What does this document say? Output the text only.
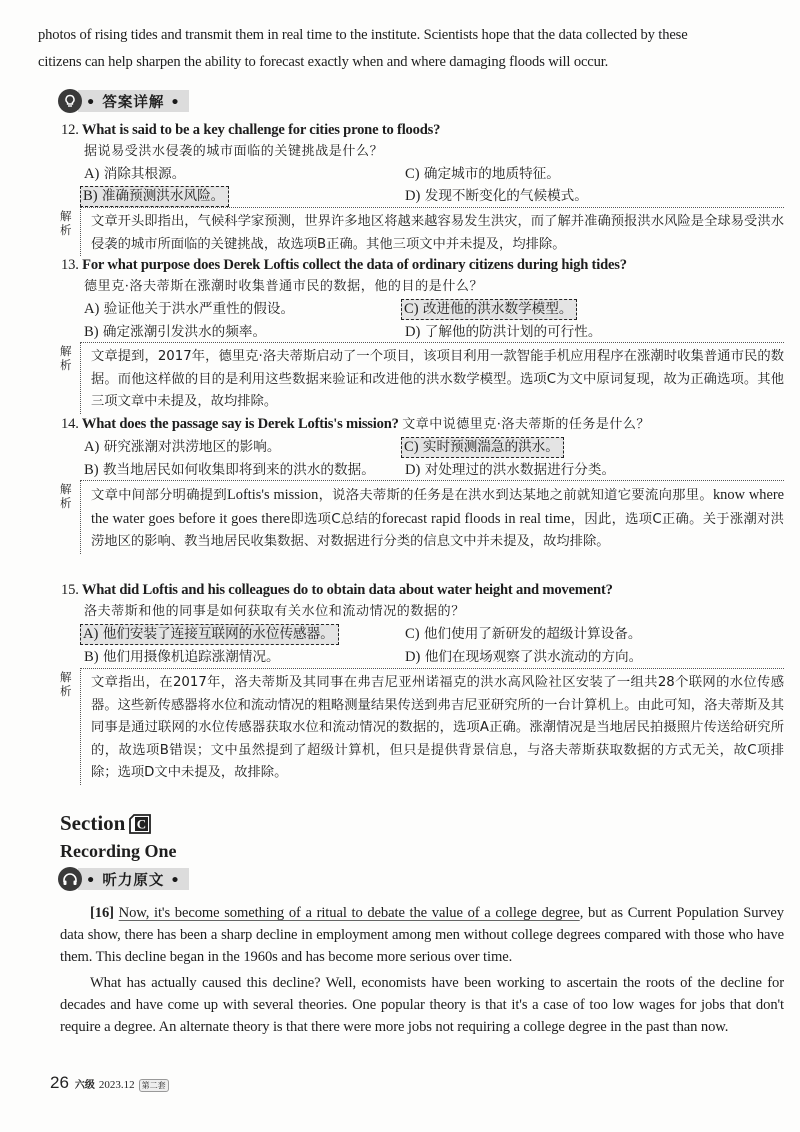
photos of rising tides and transmit them in real time to the institute. Scientists hope that the data collected by these
citizens can help sharpen the ability to forecast exactly when and where damaging floods will occur.
• 答案详解 •
12. What is said to be a key challenge for cities prone to floods?
据说易受洪水侵袭的城市面临的关键挑战是什么？
A) 消除其根源。	C) 确定城市的地质特征。
B) 准确预测洪水风险。	D) 发现不断变化的气候模式。
解析
文章开头即指出，气候科学家预测，世界许多地区将越来越容易发生洪灾，而了解并准确预报洪水风险是全球易受洪水侵袭的城市所面临的关键挑战，故选项B正确。其他三项文中并未提及，均排除。
13. For what purpose does Derek Loftis collect the data of ordinary citizens during high tides?
德里克·洛夫蒂斯在涨潮时收集普通市民的数据，他的目的是什么？
A) 验证他关于洪水严重性的假设。	C) 改进他的洪水数学模型。
B) 确定涨潮引发洪水的频率。	D) 了解他的防洪计划的可行性。
解析
文章提到，2017年，德里克·洛夫蒂斯启动了一个项目，该项目利用一款智能手机应用程序在涨潮时收集普通市民的数据。而他这样做的目的是利用这些数据来验证和改进他的洪水数学模型。选项C为文中原词复现，故为正确选项。其他三项文章中未提及，故均排除。
14. What does the passage say is Derek Loftis's mission? 文章中说德里克·洛夫蒂斯的任务是什么？
A) 研究涨潮对洪涝地区的影响。	C) 实时预测湍急的洪水。
B) 教当地居民如何收集即将到来的洪水的数据。 D) 对处理过的洪水数据进行分类。
解析	文章中间部分明确提到Loftis's mission，说洛夫蒂斯的任务是在洪水到达某地之前就知道它要流向那里。know where the water goes before it goes there即选项C总结的forecast rapid floods in real time，因此，选项C正确。关于涨潮对洪涝地区的影响、教当地居民收集数据、对数据进行分类的信息文中并未提及，故均排除。
15. What did Loftis and his colleagues do to obtain data about water height and movement?
洛夫蒂斯和他的同事是如何获取有关水位和流动情况的数据的？
A) 他们安装了连接互联网的水位传感器。	C) 他们使用了新研发的超级计算设备。
B) 他们用摄像机追踪涨潮情况。	D) 他们在现场观察了洪水流动的方向。
解析
文章指出，在2017年，洛夫蒂斯及其同事在弗吉尼亚州诺福克的洪水高风险社区安装了一组共28个联网的水位传感器。这些新传感器将水位和流动情况的粗略测量结果传送到弗吉尼亚研究所的一台计算机上。由此可知，洛夫蒂斯及其同事是通过联网的水位传感器获取水位和流动情况的数据的，选项A正确。涨潮情况是当地居民拍摄照片传送给研究所的，故选项B错误；文中虽然提到了超级计算机，但只是提供背景信息，与洛夫蒂斯获取数据的方式无关，故C项排除；选项D文中未提及，故排除。
Section C
Recording One
• 听力原文 •

[16] Now, it's become something of a ritual to debate the value of a college degree, but as Current Population Survey data show, there has been a sharp decline in employment among men without college degrees compared with those who have them. This decline began in the 1960s and has become more serious over time.

What has actually caused this decline? Well, economists have been working to ascertain the roots of the decline for decades and have come up with several theories. One popular theory is that it's a case of too low wages for jobs that don't require a degree. An alternate theory is that there were more jobs not requiring a college degree in the past than now.

26 六级 2023.12 第二套
